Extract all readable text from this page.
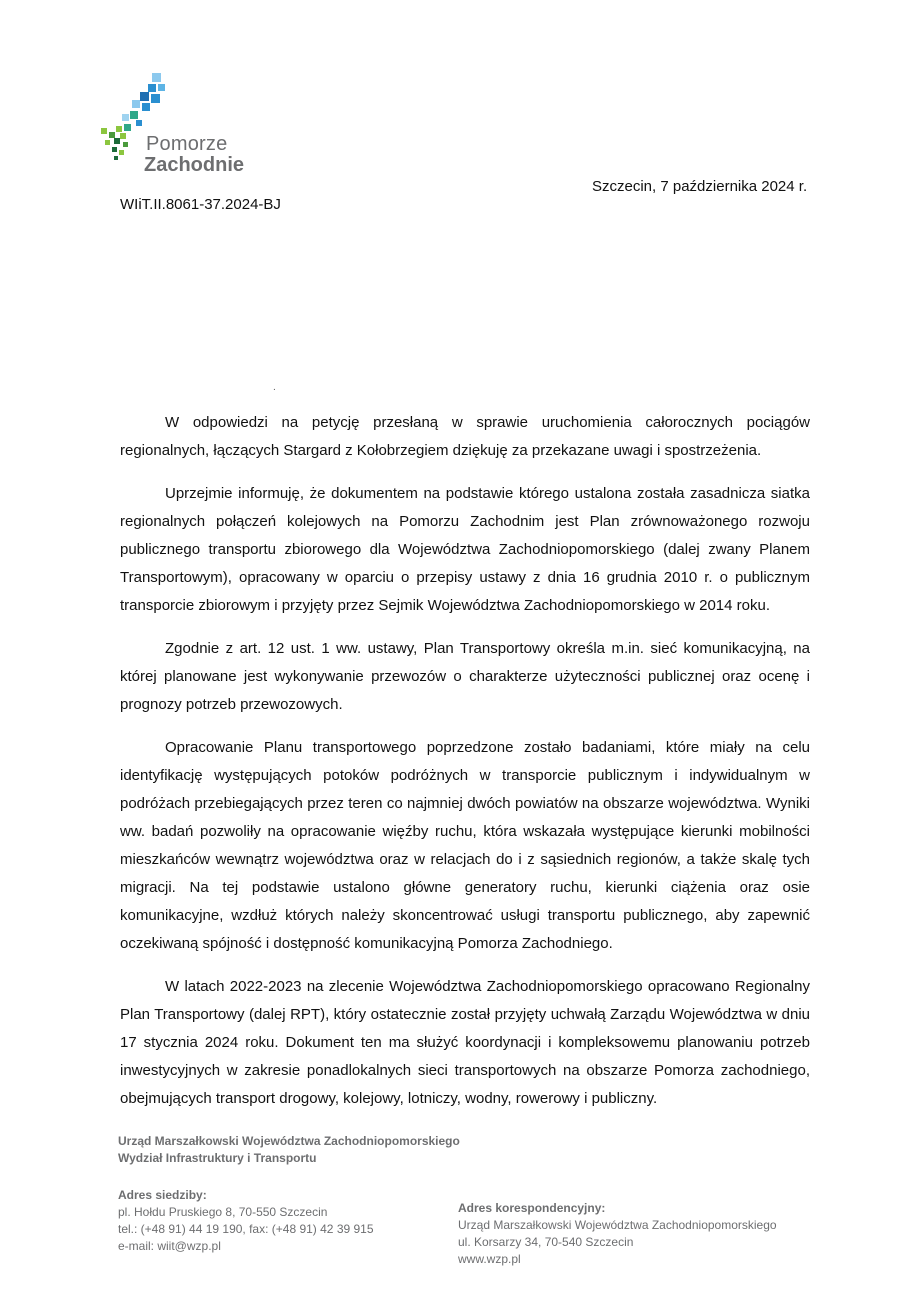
Pomorze
Zachodnie
Szczecin, 7 października 2024 r.
WIiT.II.8061-37.2024-BJ
.

W odpowiedzi na petycję przesłaną w sprawie uruchomienia całorocznych pociągów regionalnych, łączących Stargard z Kołobrzegiem dziękuję za przekazane uwagi i spostrzeżenia.

Uprzejmie informuję, że dokumentem na podstawie którego ustalona została zasadnicza siatka regionalnych połączeń kolejowych na Pomorzu Zachodnim jest Plan zrównoważonego rozwoju publicznego transportu zbiorowego dla Województwa Zachodniopomorskiego (dalej zwany Planem Transportowym), opracowany w oparciu o przepisy ustawy z dnia 16 grudnia 2010 r. o publicznym transporcie zbiorowym i przyjęty przez Sejmik Województwa Zachodniopomorskiego w 2014 roku.

Zgodnie z art. 12 ust. 1 ww. ustawy, Plan Transportowy określa m.in. sieć komunikacyjną, na której planowane jest wykonywanie przewozów o charakterze użyteczności publicznej oraz ocenę i prognozy potrzeb przewozowych.

Opracowanie Planu transportowego poprzedzone zostało badaniami, które miały na celu identyfikację występujących potoków podróżnych w transporcie publicznym i indywidualnym w podróżach przebiegających przez teren co najmniej dwóch powiatów na obszarze województwa. Wyniki ww. badań pozwoliły na opracowanie więźby ruchu, która wskazała występujące kierunki mobilności mieszkańców wewnątrz województwa oraz w relacjach do i z sąsiednich regionów, a także skalę tych migracji. Na tej podstawie ustalono główne generatory ruchu, kierunki ciążenia oraz osie komunikacyjne, wzdłuż których należy skoncentrować usługi transportu publicznego, aby zapewnić oczekiwaną spójność i dostępność komunikacyjną Pomorza Zachodniego.

W latach 2022-2023 na zlecenie Województwa Zachodniopomorskiego opracowano Regionalny Plan Transportowy (dalej RPT), który ostatecznie został przyjęty uchwałą Zarządu Województwa w dniu 17 stycznia 2024 roku. Dokument ten ma służyć koordynacji i kompleksowemu planowaniu potrzeb inwestycyjnych w zakresie ponadlokalnych sieci transportowych na obszarze Pomorza zachodniego, obejmujących transport drogowy, kolejowy, lotniczy, wodny, rowerowy i publiczny.

Urząd Marszałkowski Województwa Zachodniopomorskiego
Wydział Infrastruktury i Transportu
Adres siedziby:
pl. Hołdu Pruskiego 8, 70-550 Szczecin
tel.: (+48 91) 44 19 190, fax: (+48 91) 42 39 915
e-mail: wiit@wzp.pl
Adres korespondencyjny:
Urząd Marszałkowski Województwa Zachodniopomorskiego
ul. Korsarzy 34, 70-540 Szczecin
www.wzp.pl
